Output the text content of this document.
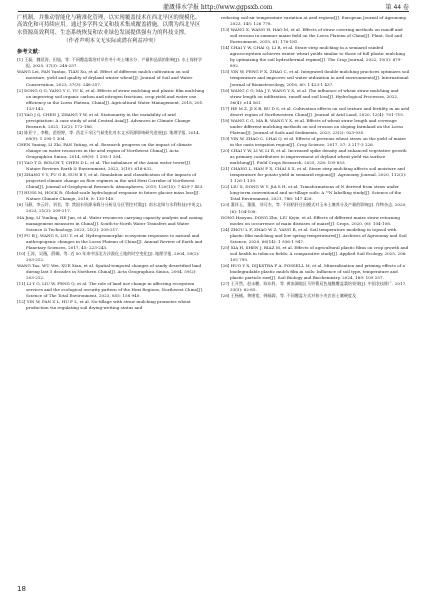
灌溉排水学报 http://www.ggpsxb.com	第 44 卷
广机制，并推动智能化与精准化管理，以实现覆盖技术在西北旱区的规模化、高效化和可持续应用。通过多学科交叉和技术集成覆盖措施，以期为西北旱区水资源高效利用、生态系统恢复和农业绿色发展提供强有力的科技支撑。
（作者声明本文无实际或潜在利益冲突）
参考文献：
[1] 王磊，魏延涛，田旭，等. 不同覆盖栽培对旱作冬小麦土壤水分、产量和品质的影响[J]. 水土保持学报, 2025, 37(3): 248-257.
WANG Lei, FAN Yantao, TIAN Xu, et al. Effect of different mulch cultivation on soil moisture, yield and quality of dryland winter wheat[J]. Journal of Soil and Water Conservation, 2023, 37(3): 248-257.
[2] DONG Q G, YANG Y C, YU K, et al. Effects of straw mulching and plastic film mulching on improving soil organic carbon and nitrogen fractions, crop yield and water use efficiency in the Loess Plateau, China[J]. Agricultural Water Management, 2018, 201: 133-143.
[3] YAO J Q, CHEN J, ZHANG T W, et al. Stationarity in the variability of arid precipitation: A case study of arid Central Asia[J]. Advances in Climate Change Research, 2021, 12(2): 172-186.
[4] 陈亚宁，李稚，范煜婷，等. 西北干旱区气候变化对水文水资源影响研究进展[J]. 地理学报, 2014, 69(9): 1 295-1 304.
CHEN Yaning, LI Zhi, FAN Yuting, et al. Research progress on the impact of climate change on water resources in the arid region of Northwest China[J]. Acta Geographica Sinica, 2014, 69(9): 1 295-1 304.
[5] YAO T D, BOLCH T, CHEN D L, et al. The imbalance of the Asian water tower[J]. Nature Reviews Earth & Environment, 2022, 3(10): 618-632.
[6] ZHANG Y Y, FU G B, SUN B Y, et al. Simulation and classification of the impacts of projected climate change on flow regimes in the arid Hexi Corridor of Northwest China[J]. Journal of Geophysical Research: Atmospheres, 2015, 120(15): 7 429-7 453.
[7] HUSS M, HOCK R. Global-scale hydrological response to future glacier mass loss[J]. Nature Climate Change, 2018, 8: 135-140.
[8] 马静，李云玲，刘君，等. 我国水资源承载分分析及分区管控对策[J]. 南水北调与水利科技(中英文), 2023, 21(2): 209-217.
MA Jing, LI Yunling, HE Jun, et al. Water resources carrying capacity analysis and zoning management measures in China[J]. South-to-North Water Transfers and Water Science & Technology, 2023, 21(2): 209-217.
[9] FU B J, WANG S, LIU Y, et al. Hydrogeomorphic ecosystem responses to natural and anthropogenic changes in the Loess Plateau of China[J]. Annual Review of Earth and Planetary Sciences, 2017, 45: 223-243.
[10] 王涛，吴薇，薛娴，等. 近 50 年来中国北方沙漠化土地的时空变化[J]. 地理学报, 2004, 59(2): 203-212.
WANG Tao, WU Wei, XUE Xian, et al. Spatial-temporal changes of sandy desertified land during last 5 decades in Northern China[J]. Acta Geographica Sinica, 2004, 59(2): 203-212.
[11] LI Y G, LIU W, FENG Q, et al. The role of land use change in affecting ecosystem services and the ecological security pattern of the Hexi Regions, Northwest China[J]. Science of The Total Environment, 2023, 855: 158 940.
[12] YIN W, FAN Z L, HU F L, et al. No-tillage with straw mulching promotes wheat production via regulating soil drying-wetting status and
reducing soil-air temperature variation at arid regions[J]. European Journal of Agronomy, 2023, 145: 126 778.
[13] WANG X, WANG H, HAO M, et al. Effects of straw covering methods on runoff and soil erosion in summer maize field on the Loess Plateau of China[J]. Plant, Soil and Environment, 2015, 61: 176-181.
[14] CHAI Y W, CHAI Q, LI R, et al. Straw strip mulching in a semiarid rainfed agroecosystem achieves winter wheat yields similar to those of full plastic mulching by optimizing the soil hydrothermal regime[J]. The Crop Journal, 2022, 10(3): 879-892.
[15] YIN W, FENG F X, ZHAO C, et al. Integrated double mulching practices optimizes soil temperature and improves soil water utilization in arid environments[J]. International Journal of Biometeorology, 2016, 60: 1 423-1 437.
[16] WANG C G, MA J Y, WANG Y X, et al. The influence of wheat straw mulching and straw length on infiltration, runoff and soil loss[J]. Hydrological Processes, 2022, 36(4): e14 561.
[17] HE M Z, JI X B, BU D S, et al. Cultivation effects on soil texture and fertility in an arid desert region of Northwestern China[J]. Journal of Arid Land, 2020, 12(4): 701-715.
[18] WANG C G, MA B, WANG Y X, et al. Effects of wheat straw length and coverage under different mulching methods on soil erosion on sloping farmland on the Loess Plateau[J]. Journal of Soils and Sediments, 2023, 23(2): 923-935.
[19] YIN W, ZHAO C, CHAI Q, et al. Effects of previous wheat straw on the yield of maize in the oasis irrigation region[J]. Crop Science, 2017, 57: 3 217-3 226.
[20] CHAI Y W, LI W, LI R, et al. Increased spike density and enhanced vegetative growth as primary contributors to improvement of dryland wheat yield via surface mulching[J]. Field Crops Research, 2025, 326: 109 853.
[21] CHANG L, HAN F X, CHAI S X, et al. Straw strip mulching affects soil moisture and temperature for potato yield in semiarid regions[J]. Agronomy Journal, 2020, 112(2): 1 126-1 139.
[22] LIU X, DONG W Y, JIA S H, et al. Transformations of N derived from straw under long-term conventional and no-tillage soils: A ¹⁵N labelling study[J]. Science of the Total Environment, 2021, 786: 147 428.
[23] 董祥玉，董强，刘可杰，等. 不同秸秆还田模式对玉米土壤养分及产量的影响[J]. 作物杂志, 2020, (6): 104-108.
DONG Haoyun, DONG Zhe, LIU Kejie, et al. Effects of different maize straw returning modes on occurrence of main diseases of maize[J]. Crops, 2020, (6): 104-108.
[24] ZHOU L F, ZHAO W Z, YANG R, et al. Soil temperature modeling in topsoil with plastic film mulching and low spring temperatures[J]. Archives of Agronomy and Soil Science, 2020, 66(14): 1 936-1 947.
[25] XIA H, SHEN J, RIAZ M, et al. Effects of agricultural plastic films on crop growth and soil health in tobacco fields: A comparative study[J]. Applied Soil Ecology, 2025, 206: 105 795.
[26] HUO Y X, DIJKSTRA F A, POSSELL M, et al. Mineralisation and priming effects of a biodegradable plastic mulch film in soils: Influence of soil type, temperature and plastic particle size[J]. Soil Biology and Biochemistry, 2024, 189: 109 257.
[27] 王开然，赵永鹏，陈东科，等. 黄南湖地区马铃薯双色地膜覆盖栽培效果[J]. 中国农技推广, 2017, 33(5): 62-65.
[28] 王杨楠，黄康宽，韩福霖，等. 不同覆盖方式对春小麦农田土壤硬度及
18
